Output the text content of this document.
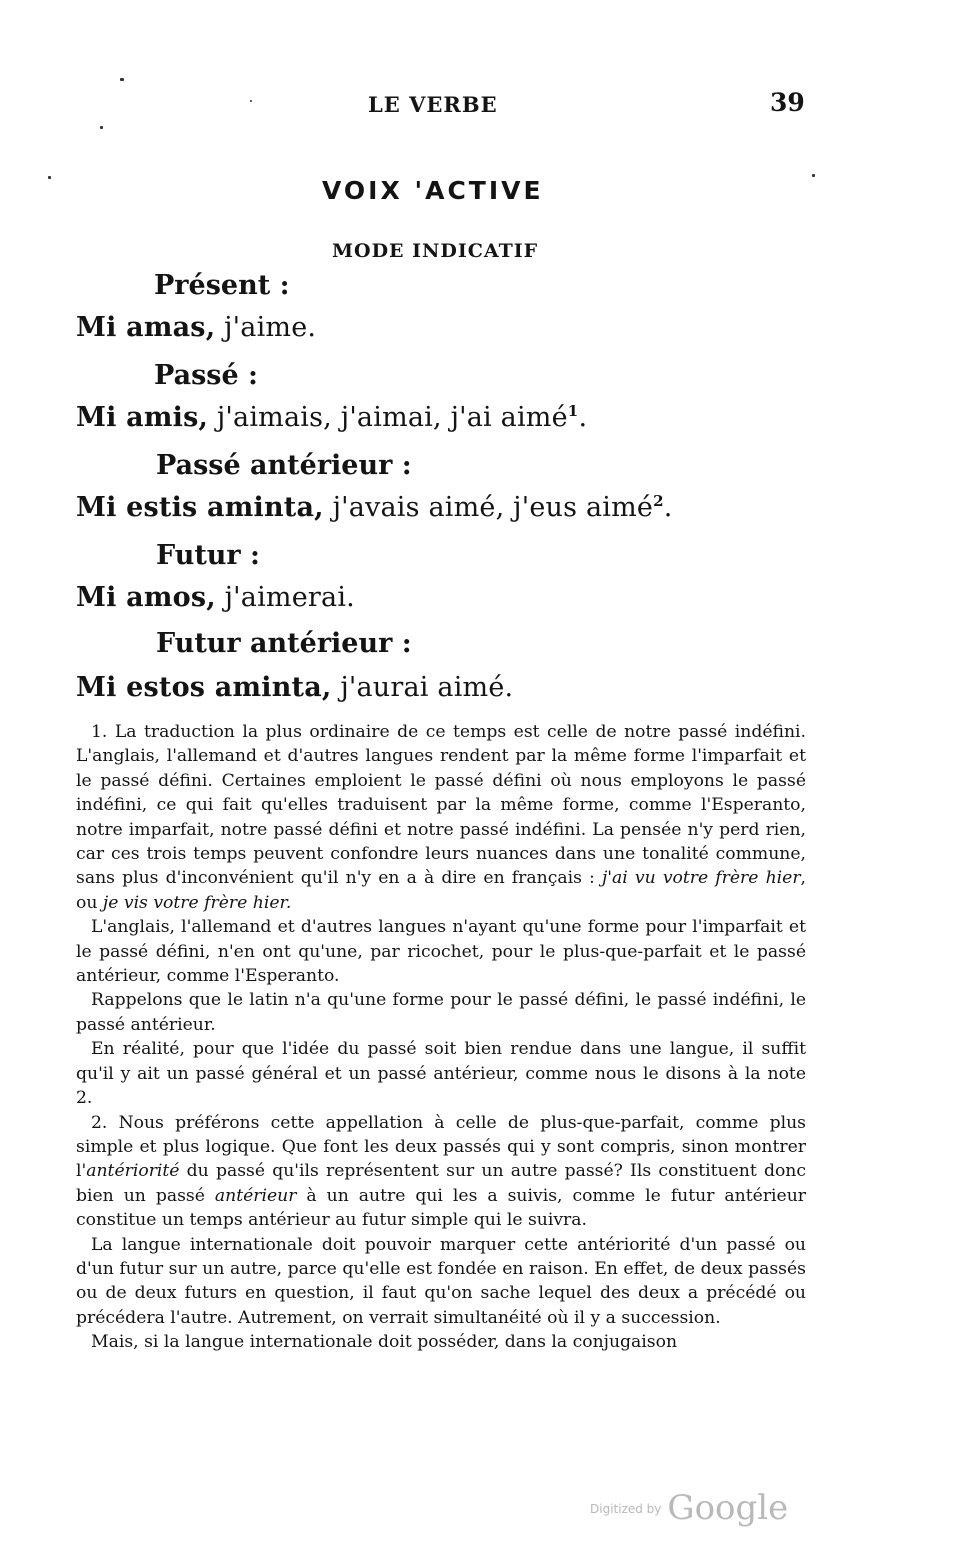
LE VERBE	39
VOIX 'ACTIVE
MODE INDICATIF
Présent :
Mi amas, j'aime.
Passé :
Mi amis, j'aimais, j'aimai, j'ai aimé$^1$.
Passé antérieur :
Mi estis aminta, j'avais aimé, j'eus aimé$^2$.
Futur :
Mi amos, j'aimerai.
Futur antérieur :
Mi estos aminta, j'aurai aimé.

1. La traduction la plus ordinaire de ce temps est celle de notre passé indéfini. L'anglais, l'allemand et d'autres langues rendent par la même forme l'imparfait et le passé défini. Certaines emploient le passé défini où nous employons le passé indéfini, ce qui fait qu'elles traduisent par la même forme, comme l'Esperanto, notre imparfait, notre passé défini et notre passé indéfini. La pensée n'y perd rien, car ces trois temps peuvent confondre leurs nuances dans une tonalité commune, sans plus d'inconvénient qu'il n'y en a à dire en français : j'ai vu votre frère hier, ou je vis votre frère hier.

L'anglais, l'allemand et d'autres langues n'ayant qu'une forme pour l'imparfait et le passé défini, n'en ont qu'une, par ricochet, pour le plus-que-parfait et le passé antérieur, comme l'Esperanto.

Rappelons que le latin n'a qu'une forme pour le passé défini, le passé indéfini, le passé antérieur.

En réalité, pour que l'idée du passé soit bien rendue dans une langue, il suffit qu'il y ait un passé général et un passé antérieur, comme nous le disons à la note 2.

2. Nous préférons cette appellation à celle de plus-que-parfait, comme plus simple et plus logique. Que font les deux passés qui y sont compris, sinon montrer l'antériorité du passé qu'ils représentent sur un autre passé? Ils constituent donc bien un passé antérieur à un autre qui les a suivis, comme le futur antérieur constitue un temps antérieur au futur simple qui le suivra.

La langue internationale doit pouvoir marquer cette antériorité d'un passé ou d'un futur sur un autre, parce qu'elle est fondée en raison. En effet, de deux passés ou de deux futurs en question, il faut qu'on sache lequel des deux a précédé ou précédera l'autre. Autrement, on verrait simultanéité où il y a succession.

Mais, si la langue internationale doit posséder, dans la conjugaison

$^{Digitized by}$ Google
